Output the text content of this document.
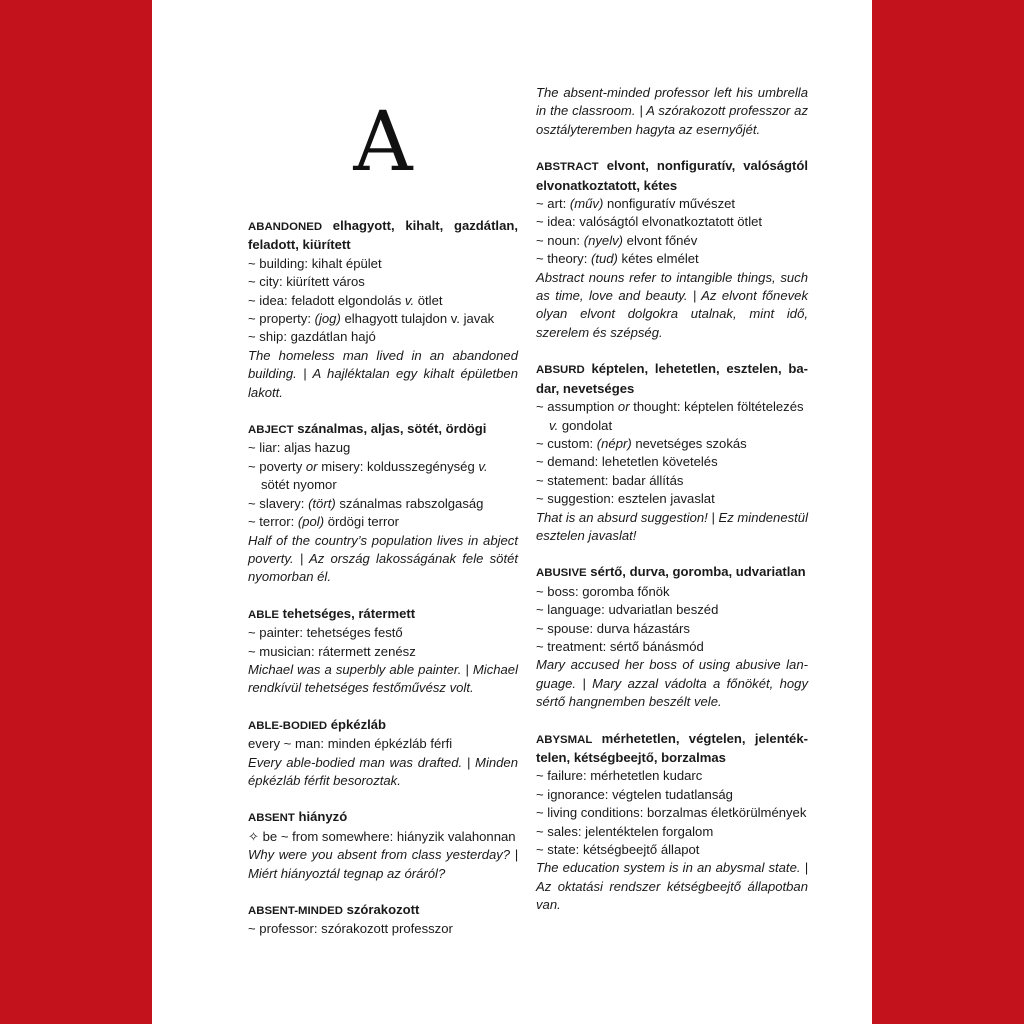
A
ABANDONED elhagyott, kihalt, gazdátlan, feladott, kiürített
~ building: kihalt épület
~ city: kiürített város
~ idea: feladott elgondolás v. ötlet
~ property: (jog) elhagyott tulajdon v. javak
~ ship: gazdátlan hajó
The homeless man lived in an abandoned building. | A hajléktalan egy kihalt épületben lakott.
ABJECT szánalmas, aljas, sötét, ördögi
~ liar: aljas hazug
~ poverty or misery: koldusszegénység v. sötét nyomor
~ slavery: (tört) szánalmas rabszolgaság
~ terror: (pol) ördögi terror
Half of the country’s population lives in abject poverty. | Az ország lakosságának fele sötét nyomorban él.
ABLE tehetséges, rátermett
~ painter: tehetséges festő
~ musician: rátermett zenész
Michael was a superbly able painter. | Michael rendkívül tehetséges festőművész volt.
ABLE-BODIED épkézláb
every ~ man: minden épkézláb férfi
Every able-bodied man was drafted. | Minden épkézláb férfit besoroztak.
ABSENT hiányzó
✧ be ~ from somewhere: hiányzik valahonnan
Why were you absent from class yesterday? | Miért hiányoztál tegnap az óráról?
ABSENT-MINDED szórakozott
~ professor: szórakozott professzor
The absent-minded professor left his umbrella in the classroom. | A szórakozott professzor az osztályteremben hagyta az esernyőjét.
ABSTRACT elvont, nonfiguratív, valóságtól elvonatkoztatott, kétes
~ art: (műv) nonfiguratív művészet
~ idea: valóságtól elvonatkoztatott ötlet
~ noun: (nyelv) elvont főnév
~ theory: (tud) kétes elmélet
Abstract nouns refer to intangible things, such as time, love and beauty. | Az elvont főnevek olyan elvont dolgokra utalnak, mint idő, szerelem és szépség.
ABSURD képtelen, lehetetlen, esztelen, badar, nevetséges
~ assumption or thought: képtelen föltételezés v. gondolat
~ custom: (népr) nevetséges szokás
~ demand: lehetetlen követelés
~ statement: badar állítás
~ suggestion: esztelen javaslat
That is an absurd suggestion! | Ez mindenestül esztelen javaslat!
ABUSIVE sértő, durva, goromba, udvariatlan
~ boss: goromba főnök
~ language: udvariatlan beszéd
~ spouse: durva házastárs
~ treatment: sértő bánásmód
Mary accused her boss of using abusive language. | Mary azzal vádolta a főnökét, hogy sértő hangnemben beszélt vele.
ABYSMAL mérhetetlen, végtelen, jelentéktelen, kétségbeejtő, borzalmas
~ failure: mérhetetlen kudarc
~ ignorance: végtelen tudatlanság
~ living conditions: borzalmas életkörülmények
~ sales: jelentéktelen forgalom
~ state: kétségbeejtő állapot
The education system is in an abysmal state. | Az oktatási rendszer kétségbeejtő állapotban van.
